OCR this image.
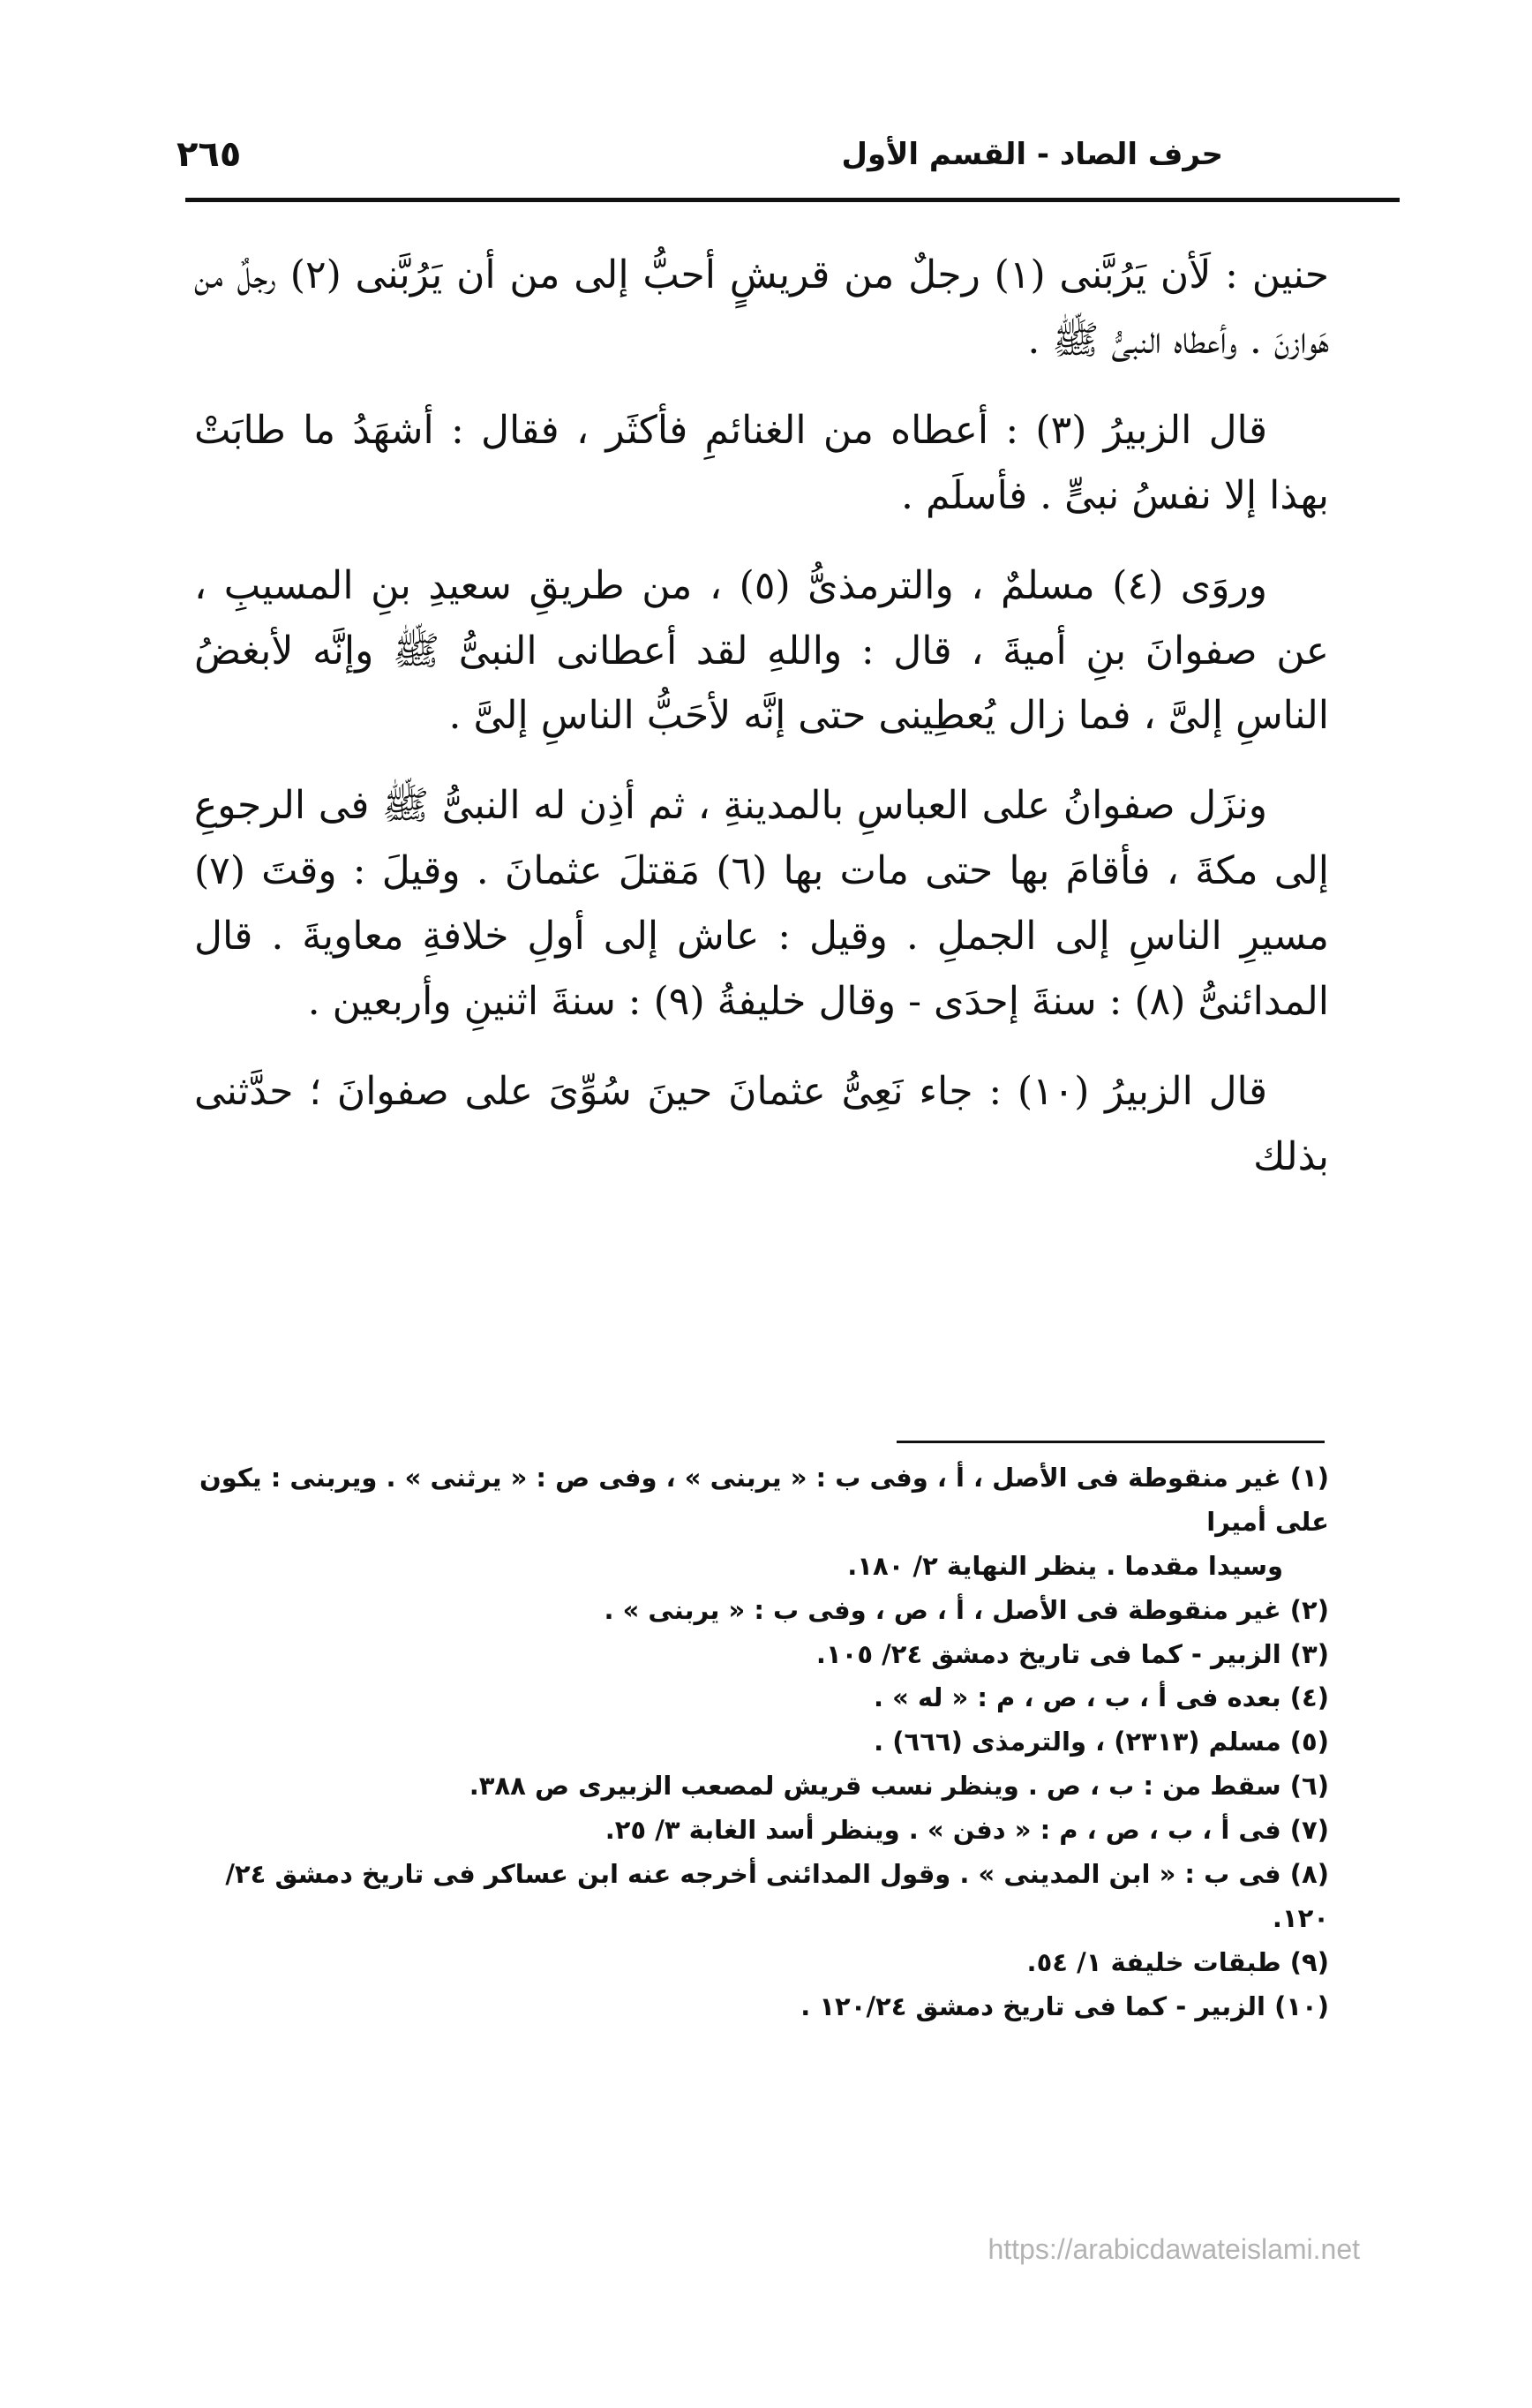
حرف الصاد - القسم الأول
٢٦٥

حنين : لَأن يَرُبَّنى (١) رجلٌ من قريشٍ أحبُّ إلى من أن يَرُبَّنى (٢) رجلٌ من هَوازنَ . وأعطاه النبىُّ ﷺ .

قال الزبيرُ (٣) : أعطاه من الغنائمِ فأكثَر ، فقال : أشهَدُ ما طابَتْ بهذا إلا نفسُ نبىٍّ . فأسلَم .

وروَى (٤) مسلمٌ ، والترمذىُّ (٥) ، من طريقِ سعيدِ بنِ المسيبِ ، عن صفوانَ بنِ أميةَ ، قال : واللهِ لقد أعطانى النبىُّ ﷺ وإنَّه لأبغضُ الناسِ إلىَّ ، فما زال يُعطِينى حتى إنَّه لأحَبُّ الناسِ إلىَّ .

ونزَل صفوانُ على العباسِ بالمدينةِ ، ثم أذِن له النبىُّ ﷺ فى الرجوعِ إلى مكةَ ، فأقامَ بها حتى مات بها (٦) مَقتلَ عثمانَ . وقيلَ : وقتَ (٧) مسيرِ الناسِ إلى الجملِ . وقيل : عاش إلى أولِ خلافةِ معاويةَ . قال المدائنىُّ (٨) : سنةَ إحدَى - وقال خليفةُ (٩) : سنةَ اثنينِ وأربعين .

قال الزبيرُ (١٠) : جاء نَعِىُّ عثمانَ حينَ سُوِّىَ على صفوانَ ؛ حدَّثنى بذلك

(١) غير منقوطة فى الأصل ، أ ، وفى ب : « يربنى » ، وفى ص : « يرثنى » . ويربنى : يكون على أميرا

وسيدا مقدما . ينظر النهاية ٢/ ١٨٠.

(٢) غير منقوطة فى الأصل ، أ ، ص ، وفى ب : « يربنى » .

(٣) الزبير - كما فى تاريخ دمشق ٢٤/ ١٠٥.

(٤) بعده فى أ ، ب ، ص ، م : « له » .

(٥) مسلم (٢٣١٣) ، والترمذى (٦٦٦) .

(٦) سقط من : ب ، ص . وينظر نسب قريش لمصعب الزبيرى ص ٣٨٨.

(٧) فى أ ، ب ، ص ، م : « دفن » . وينظر أسد الغابة ٣/ ٢٥.

(٨) فى ب : « ابن المدينى » . وقول المدائنى أخرجه عنه ابن عساكر فى تاريخ دمشق ٢٤/ ١٢٠.

(٩) طبقات خليفة ١/ ٥٤.

(١٠) الزبير - كما فى تاريخ دمشق ١٢٠/٢٤ .

https://arabicdawateislami.net
